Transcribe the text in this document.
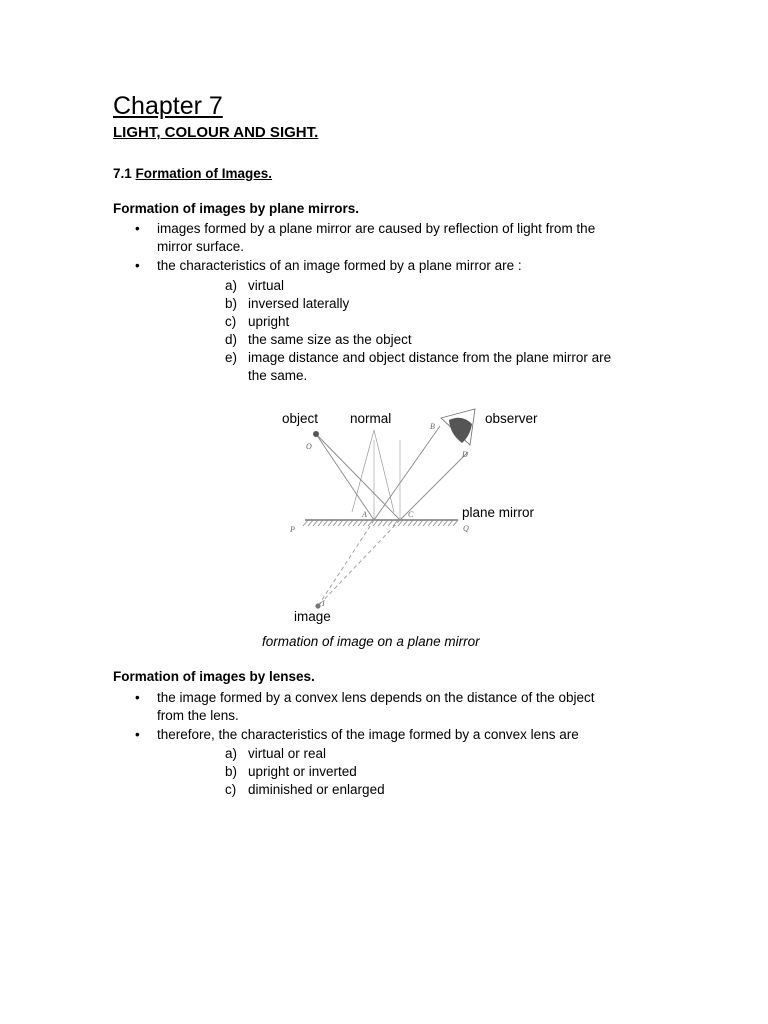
Chapter 7
LIGHT, COLOUR AND SIGHT.
7.1 Formation of Images.
Formation of images by plane mirrors.
• images formed by a plane mirror are caused by reflection of light from the
mirror surface.
• the characteristics of an image formed by a plane mirror are :
a) virtual
b) inversed laterally
c) upright
d) the same size as the object
e) image distance and object distance from the plane mirror are
the same.
O
A
B
C
D
P	Q
I
object normal	observer
plane mirror
image
formation of image on a plane mirror
Formation of images by lenses.
• the image formed by a convex lens depends on the distance of the object
from the lens.
• therefore, the characteristics of the image formed by a convex lens are
a) virtual or real
b) upright or inverted
c) diminished or enlarged
